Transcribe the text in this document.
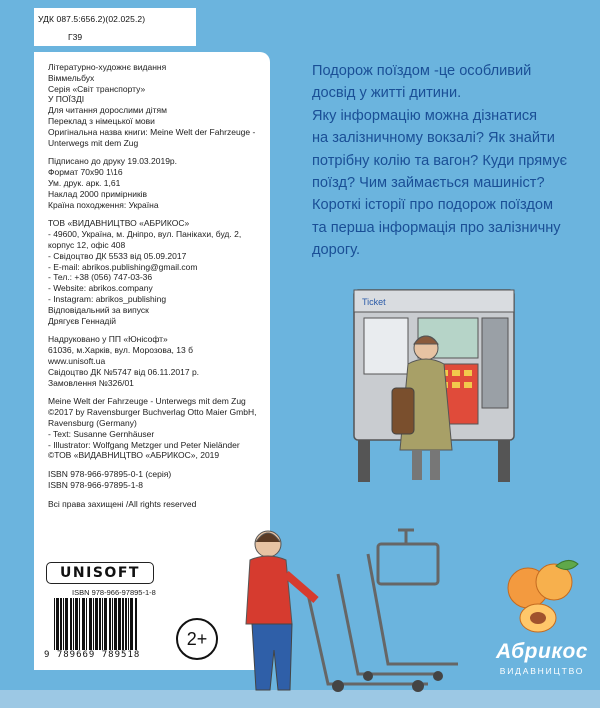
УДК 087.5:656.2)(02.025.2)
Г39
Літературно-художнє видання
Віммельбух
Серія «Світ транспорту»
У ПОЇЗДІ
Для читання дорослими дітям
Переклад з німецької мови
Оригінальна назва книги: Meine Welt der Fahrzeuge -
Unterwegs mit dem Zug
Підписано до друку 19.03.2019р.
Формат 70х90 1\16
Ум. друк. арк. 1,61
Наклад 2000 примірників
Країна походження: Україна
ТОВ «ВИДАВНИЦТВО «АБРИКОС»
- 49600, Україна, м. Дніпро, вул. Панікахи, буд. 2,
корпус 12, офіс 408
- Свідоцтво ДК 5533 від 05.09.2017
- E-mail: abrikos.publishing@gmail.com
- Тел.: +38 (056) 747-03-36
- Website: abrikos.company
- Instagram: abrikos_publishing
Відповідальний за випуск
Дрягуєв Геннадій
Надруковано у ПП «Юнісофт»
61036, м.Харків, вул. Морозова, 13 б
www.unisoft.ua
Свідоцтво ДК №5747 від 06.11.2017 р.
Замовлення №326/01
Meine Welt der Fahrzeuge - Unterwegs mit dem Zug
©2017 by Ravensburger Buchverlag Otto Maier GmbH,
Ravensburg (Germany)
- Text: Susanne Gernhäuser
- Illustrator: Wolfgang Metzger und Peter Nieländer
©ТОВ «ВИДАВНИЦТВО «АБРИКОС», 2019
ISBN 978-966-97895-0-1 (серія)
ISBN 978-966-97895-1-8
Всі права захищені /All rights reserved
UNISOFT
ISBN 978-966-97895-1-8
9 789669 789518
2+
Подорож поїздом -це особливий
досвід у житті дитини.
Яку інформацію можна дізнатися
на залізничному вокзалі? Як знайти
потрібну колію та вагон? Куди прямує
поїзд? Чим займається машиніст?
Короткі історії про подорож поїздом
та перша інформація про залізничну
дорогу.
Ticket
Абрикос
ВИДАВНИЦТВО
